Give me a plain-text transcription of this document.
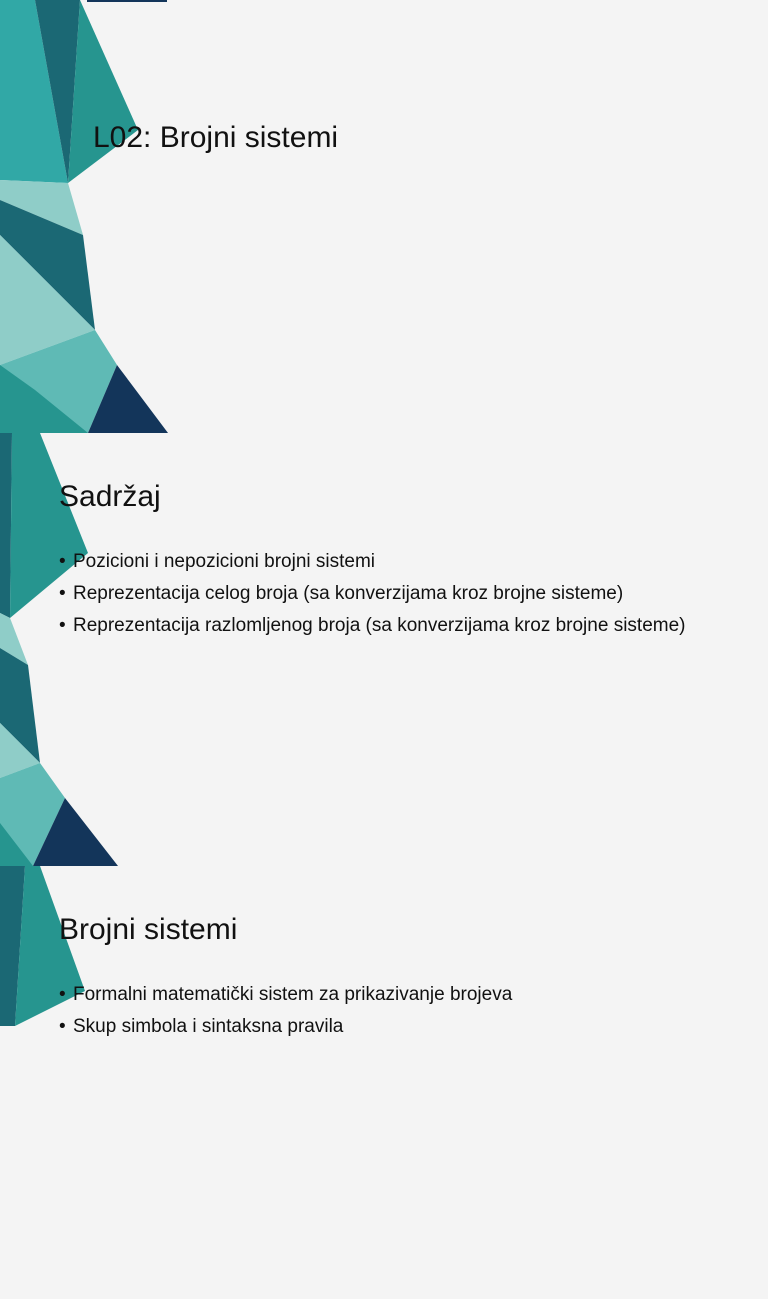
L02: Brojni sistemi
Sadržaj
• Pozicioni i nepozicioni brojni sistemi
• Reprezentacija celog broja (sa konverzijama kroz brojne sisteme)
• Reprezentacija razlomljenog broja (sa konverzijama kroz brojne sisteme)
Brojni sistemi
• Formalni matematički sistem za prikazivanje brojeva
• Skup simbola i sintaksna pravila
